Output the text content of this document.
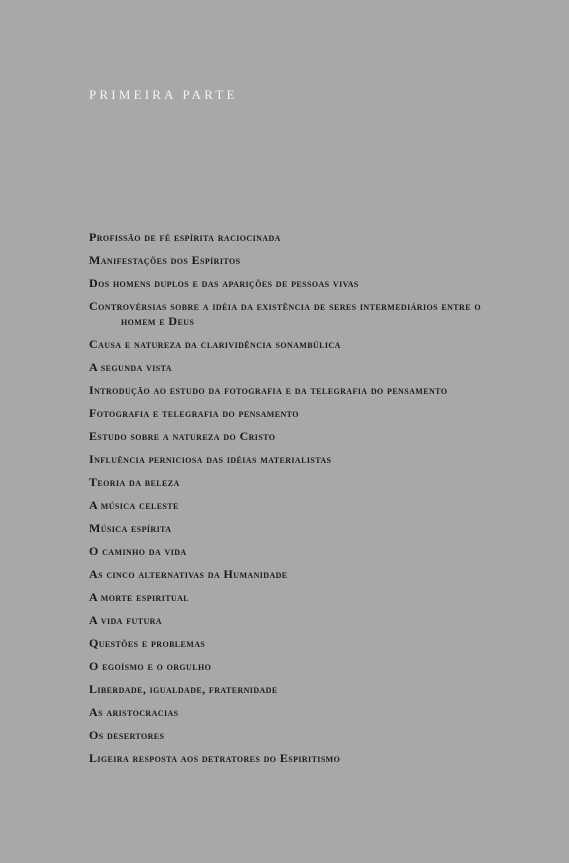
PRIMEIRA PARTE
Profissão de fé espírita raciocinada
Manifestações dos Espíritos
Dos homens duplos e das aparições de pessoas vivas
Controvérsias sobre a idéia da existência de seres intermediários entre o homem e Deus
Causa e natureza da clarividência sonambúlica
A segunda vista
Introdução ao estudo da fotografia e da telegrafia do pensamento
Fotografia e telegrafia do pensamento
Estudo sobre a natureza do Cristo
Influência perniciosa das idéias materialistas
Teoria da beleza
A música celeste
Música espírita
O caminho da vida
As cinco alternativas da Humanidade
A morte espiritual
A vida futura
Questões e problemas
O egoísmo e o orgulho
Liberdade, igualdade, fraternidade
As aristocracias
Os desertores
Ligeira resposta aos detratores do Espiritismo
